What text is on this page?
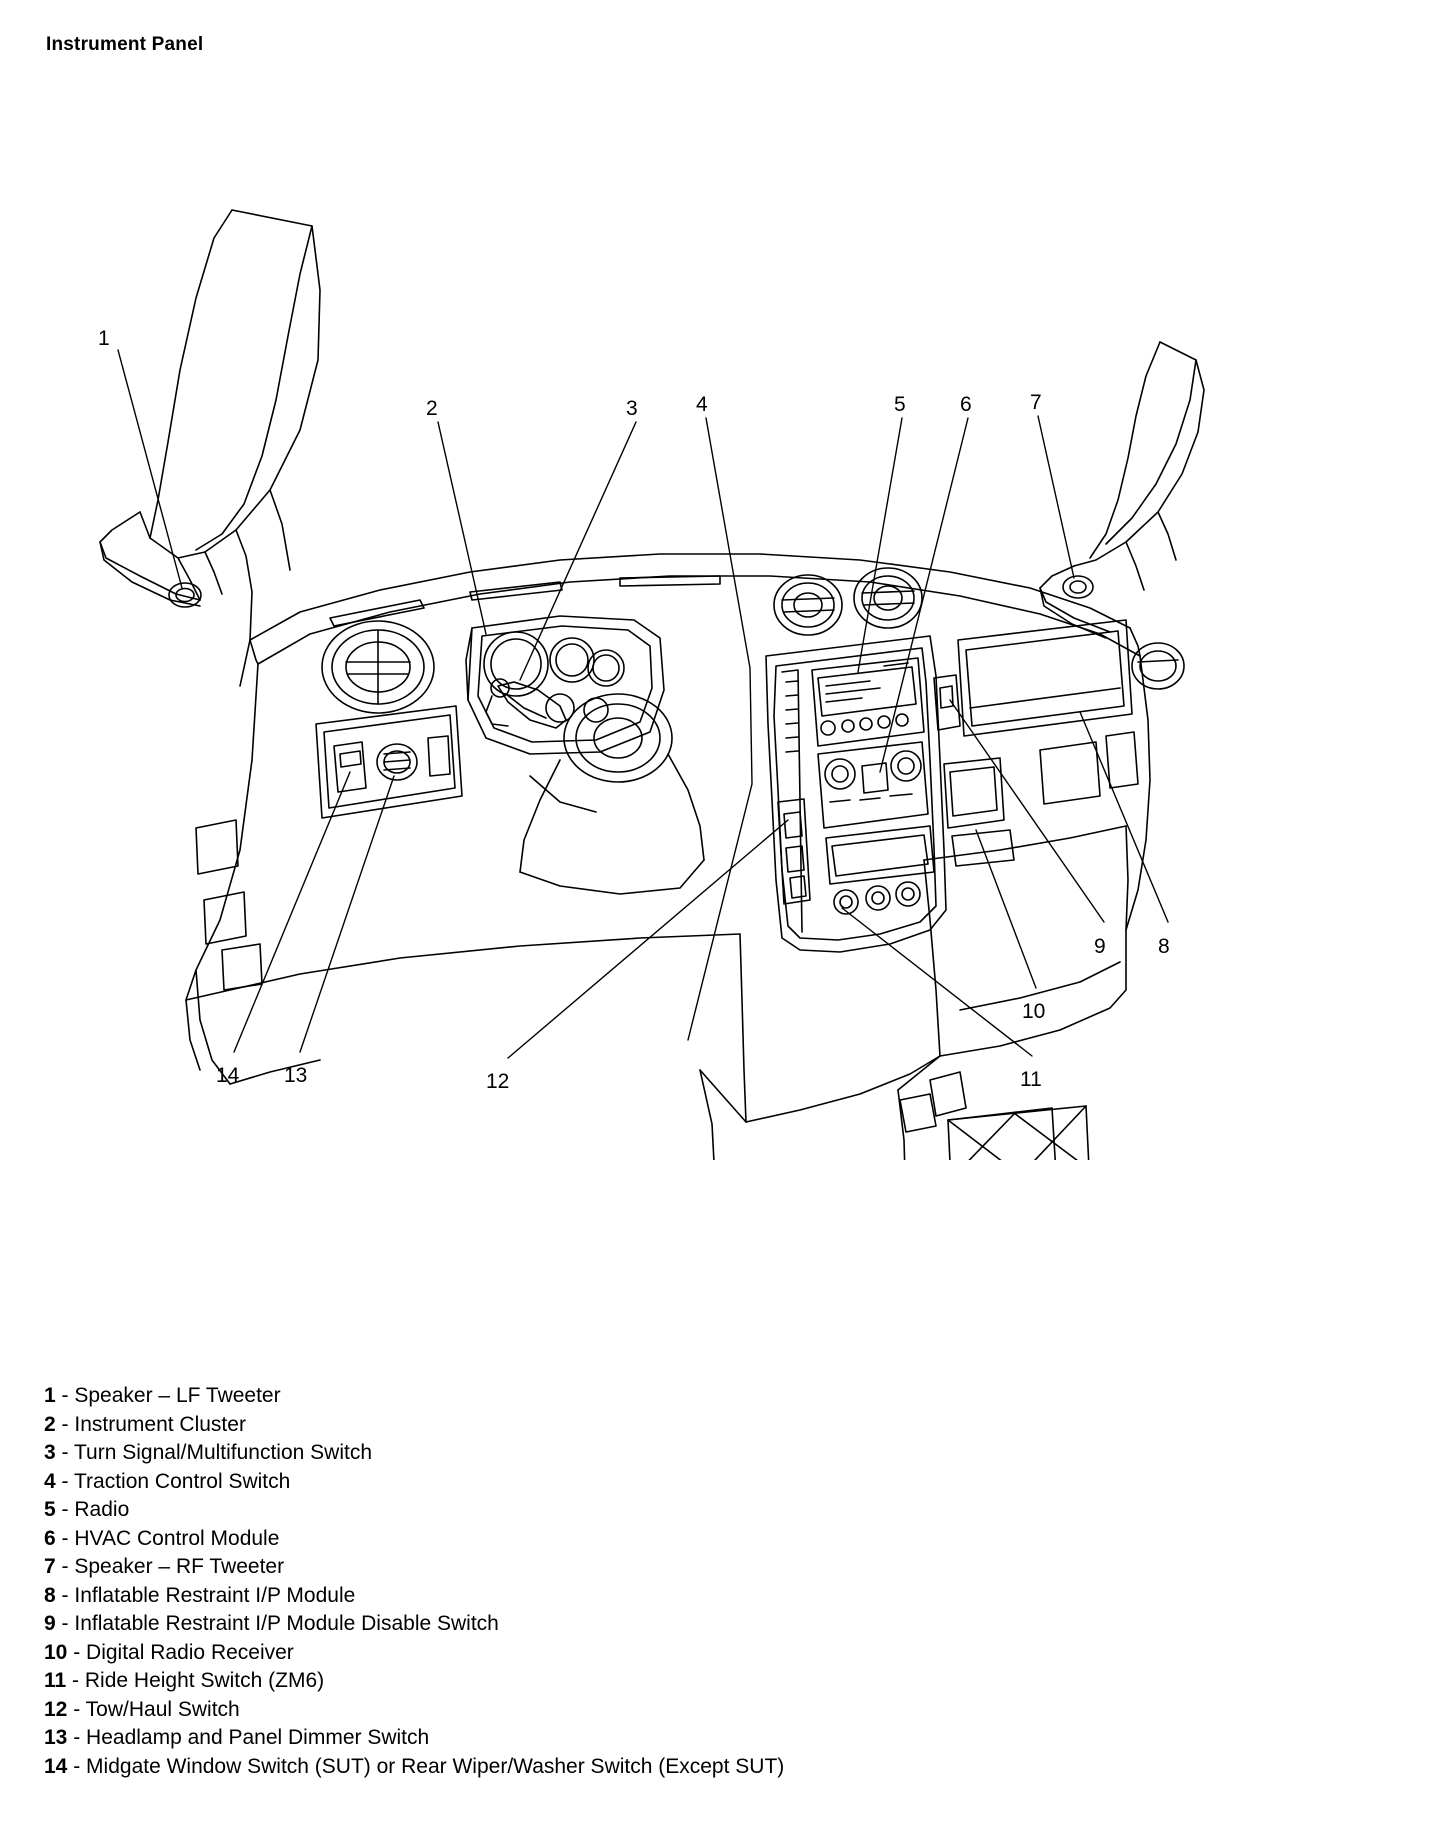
Instrument Panel
1
2	3	4	5	6	7
8
9
10
11
12
13
14
1 - Speaker – LF Tweeter
2 - Instrument Cluster
3 - Turn Signal/Multifunction Switch
4 - Traction Control Switch
5 - Radio
6 - HVAC Control Module
7 - Speaker – RF Tweeter
8 - Inflatable Restraint I/P Module
9 - Inflatable Restraint I/P Module Disable Switch
10 - Digital Radio Receiver
11 - Ride Height Switch (ZM6)
12 - Tow/Haul Switch
13 - Headlamp and Panel Dimmer Switch
14 - Midgate Window Switch (SUT) or Rear Wiper/Washer Switch (Except SUT)
